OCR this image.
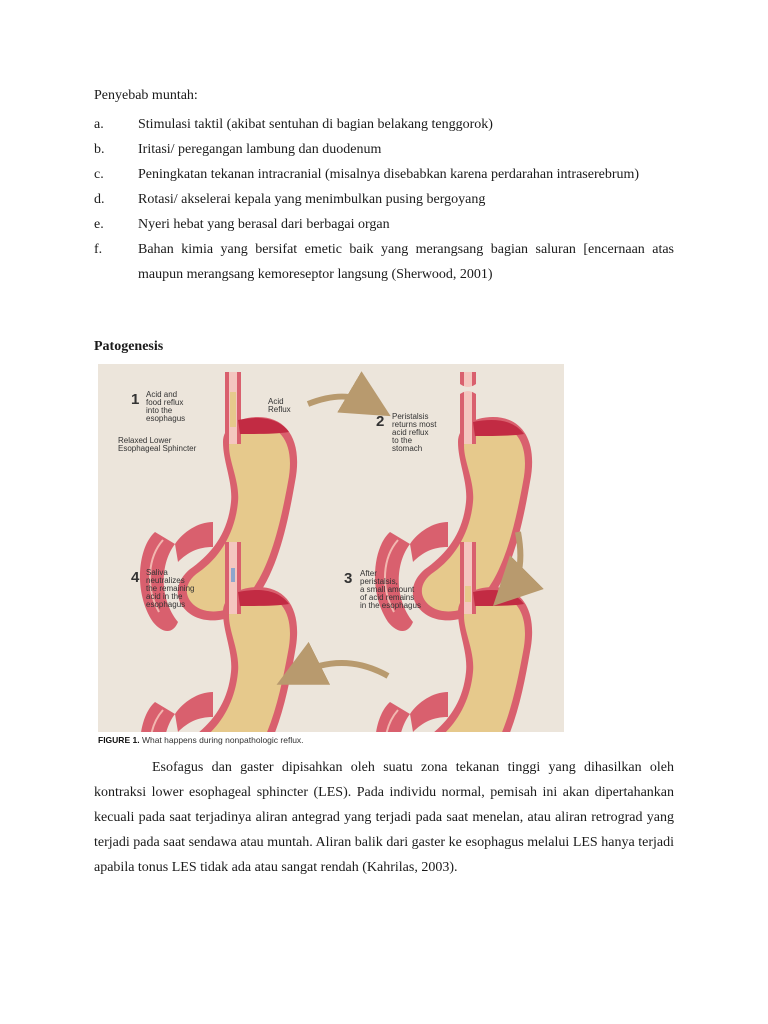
Penyebab muntah:

a.	Stimulasi taktil (akibat sentuhan di bagian belakang tenggorok)
b.	Iritasi/ peregangan lambung dan duodenum
c.	Peningkatan tekanan intracranial (misalnya disebabkan karena perdarahan intraserebrum)
d.	Rotasi/ akselerai kepala yang menimbulkan pusing bergoyang
e.	Nyeri hebat yang berasal dari berbagai organ
f.	Bahan kimia yang bersifat emetic baik yang merangsang bagian saluran [encernaan atas maupun merangsang kemoreseptor langsung (Sherwood, 2001)

Patogenesis

1 Acid and
food reflux
into the
esophagus
Relaxed Lower
Esophageal Sphincter
Acid
Reflux
2 Peristalsis
returns most
acid reflux
to the
stomach
3 After
peristalsis,
a small amount
of acid remains
in the esophagus
4 Saliva
neutralizes
the remaining
acid in the
esophagus

FIGURE 1. What happens during nonpathologic reflux.

Esofagus dan gaster dipisahkan oleh suatu zona tekanan tinggi yang dihasilkan oleh kontraksi lower esophageal sphincter (LES). Pada individu normal, pemisah ini akan dipertahankan kecuali pada saat terjadinya aliran antegrad yang terjadi pada saat menelan, atau aliran retrograd yang terjadi pada saat sendawa atau muntah. Aliran balik dari gaster ke esophagus melalui LES hanya terjadi apabila tonus LES tidak ada atau sangat rendah (Kahrilas, 2003).
